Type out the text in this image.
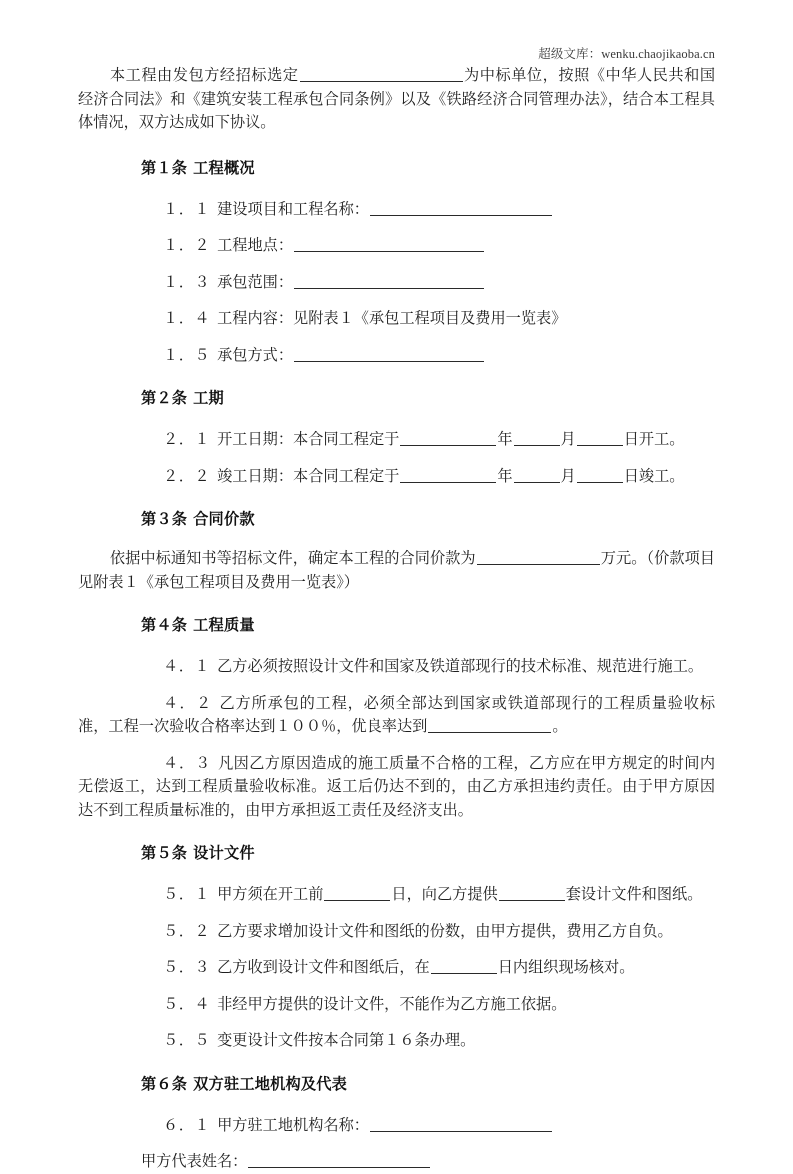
超级文库：wenku.chaojikaoba.cn

本工程由发包方经招标选定	为中标单位，按照《中华人民共和国经济合同法》和《建筑安装工程承包合同条例》以及《铁路经济合同管理办法》，结合本工程具体情况，双方达成如下协议。

第１条 工程概况

１．１ 建设项目和工程名称：

１．２ 工程地点：

１．３ 承包范围：

１．４ 工程内容：见附表１《承包工程项目及费用一览表》

１．５ 承包方式：

第２条 工期

２．１ 开工日期：本合同工程定于	年	月	日开工。

２．２ 竣工日期：本合同工程定于	年	月	日竣工。

第３条 合同价款

依据中标通知书等招标文件，确定本工程的合同价款为	万元。（价款项目见附表１《承包工程项目及费用一览表》）

第４条 工程质量

４．１ 乙方必须按照设计文件和国家及铁道部现行的技术标准、规范进行施工。

４．２ 乙方所承包的工程，必须全部达到国家或铁道部现行的工程质量验收标准，工程一次验收合格率达到１００％，优良率达到	。

４．３ 凡因乙方原因造成的施工质量不合格的工程，乙方应在甲方规定的时间内无偿返工，达到工程质量验收标准。返工后仍达不到的，由乙方承担违约责任。由于甲方原因达不到工程质量标准的，由甲方承担返工责任及经济支出。

第５条 设计文件

５．１ 甲方须在开工前	日，向乙方提供	套设计文件和图纸。

５．２ 乙方要求增加设计文件和图纸的份数，由甲方提供，费用乙方自负。

５．３ 乙方收到设计文件和图纸后，在	日内组织现场核对。

５．４ 非经甲方提供的设计文件，不能作为乙方施工依据。

５．５ 变更设计文件按本合同第１６条办理。

第６条 双方驻工地机构及代表

６．１ 甲方驻工地机构名称：

甲方代表姓名：
